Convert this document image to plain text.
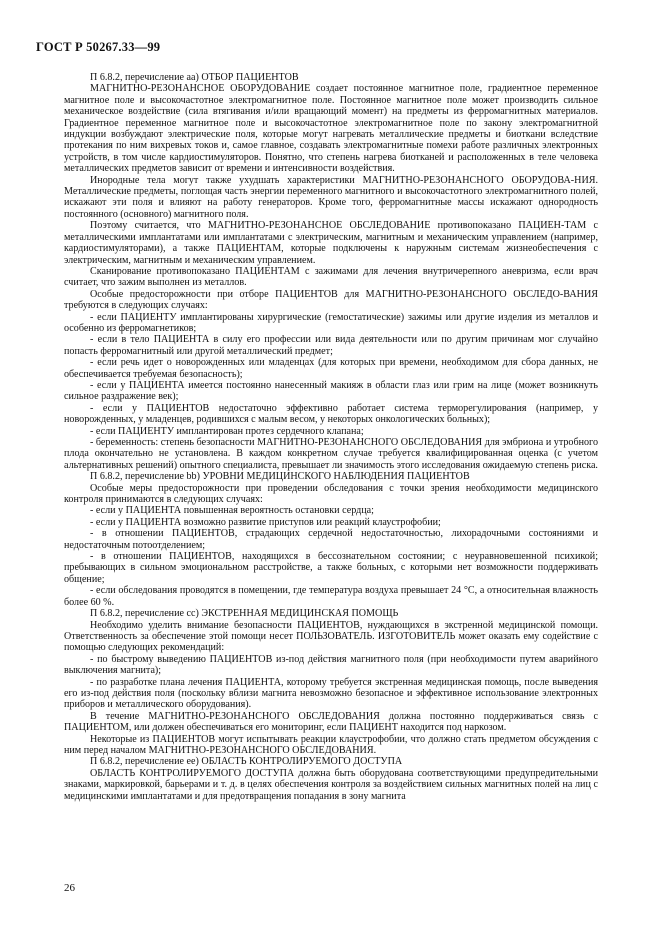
ГОСТ Р 50267.33—99

П 6.8.2, перечисление аа) ОТБОР ПАЦИЕНТОВ

МАГНИТНО-РЕЗОНАНСНОЕ ОБОРУДОВАНИЕ создает постоянное магнитное поле, градиентное переменное магнитное поле и высокочастотное электромагнитное поле. Постоянное магнитное поле может производить сильное механическое воздействие (сила втягивания и/или вращающий момент) на предметы из ферромагнитных материалов. Градиентное переменное магнитное поле и высокочастотное электромагнитное поле по закону электромагнитной индукции возбуждают электрические поля, которые могут нагревать металлические предметы и биоткани вследствие протекания по ним вихревых токов и, самое главное, создавать электромагнитные помехи работе различных электронных устройств, в том числе кардиостимуляторов. Понятно, что степень нагрева биотканей и расположенных в теле человека металлических предметов зависит от времени и интенсивности воздействия.

Инородные тела могут также ухудшать характеристики МАГНИТНО-РЕЗОНАНСНОГО ОБОРУДОВА-НИЯ. Металлические предметы, поглощая часть энергии переменного магнитного и высокочастотного электромагнитного полей, искажают эти поля и влияют на работу генераторов. Кроме того, ферромагнитные массы искажают однородность постоянного (основного) магнитного поля.

Поэтому считается, что МАГНИТНО-РЕЗОНАНСНОЕ ОБСЛЕДОВАНИЕ противопоказано ПАЦИЕН-ТАМ с металлическими имплантатами или имплантатами с электрическим, магнитным и механическим управлением (например, кардиостимуляторами), а также ПАЦИЕНТАМ, которые подключены к наружным системам жизнеобеспечения с электрическим, магнитным и механическим управлением.

Сканирование противопоказано ПАЦИЕНТАМ с зажимами для лечения внутричерепного аневризма, если врач считает, что зажим выполнен из металлов.

Особые предосторожности при отборе ПАЦИЕНТОВ для МАГНИТНО-РЕЗОНАНСНОГО ОБСЛЕДО-ВАНИЯ требуются в следующих случаях:

- если ПАЦИЕНТУ имплантированы хирургические (гемостатические) зажимы или другие изделия из металлов и особенно из ферромагнетиков;

- если в тело ПАЦИЕНТА в силу его профессии или вида деятельности или по другим причинам мог случайно попасть ферромагнитный или другой металлический предмет;

- если речь идет о новорожденных или младенцах (для которых при времени, необходимом для сбора данных, не обеспечивается требуемая безопасность);

- если у ПАЦИЕНТА имеется постоянно нанесенный макияж в области глаз или грим на лице (может возникнуть сильное раздражение век);

- если у ПАЦИЕНТОВ недостаточно эффективно работает система терморегулирования (например, у новорожденных, у младенцев, родившихся с малым весом, у некоторых онкологических больных);

- если ПАЦИЕНТУ имплантирован протез сердечного клапана;

- беременность: степень безопасности МАГНИТНО-РЕЗОНАНСНОГО ОБСЛЕДОВАНИЯ для эмбриона и утробного плода окончательно не установлена. В каждом конкретном случае требуется квалифицированная оценка (с учетом альтернативных решений) опытного специалиста, превышает ли значимость этого исследования ожидаемую степень риска.

П 6.8.2, перечисление bb) УРОВНИ МЕДИЦИНСКОГО НАБЛЮДЕНИЯ ПАЦИЕНТОВ

Особые меры предосторожности при проведении обследования с точки зрения необходимости медицинского контроля принимаются в следующих случаях:

- если у ПАЦИЕНТА повышенная вероятность остановки сердца;

- если у ПАЦИЕНТА возможно развитие приступов или реакций клаустрофобии;

- в отношении ПАЦИЕНТОВ, страдающих сердечной недостаточностью, лихорадочными состояниями и недостаточным потоотделением;

- в отношении ПАЦИЕНТОВ, находящихся в бессознательном состоянии; с неуравновешенной психикой; пребывающих в сильном эмоциональном расстройстве, а также больных, с которыми нет возможности поддерживать общение;

- если обследования проводятся в помещении, где температура воздуха превышает 24 °С, а относительная влажность более 60 %.

П 6.8.2, перечисление сс) ЭКСТРЕННАЯ МЕДИЦИНСКАЯ ПОМОЩЬ

Необходимо уделить внимание безопасности ПАЦИЕНТОВ, нуждающихся в экстренной медицинской помощи. Ответственность за обеспечение этой помощи несет ПОЛЬЗОВАТЕЛЬ. ИЗГОТОВИТЕЛЬ может оказать ему содействие с помощью следующих рекомендаций:

- по быстрому выведению ПАЦИЕНТОВ из-под действия магнитного поля (при необходимости путем аварийного выключения магнита);

- по разработке плана лечения ПАЦИЕНТА, которому требуется экстренная медицинская помощь, после выведения его из-под действия поля (поскольку вблизи магнита невозможно безопасное и эффективное использование электронных приборов и металлического оборудования).

В течение МАГНИТНО-РЕЗОНАНСНОГО ОБСЛЕДОВАНИЯ должна постоянно поддерживаться связь с ПАЦИЕНТОМ, или должен обеспечиваться его мониторинг, если ПАЦИЕНТ находится под наркозом.

Некоторые из ПАЦИЕНТОВ могут испытывать реакции клаустрофобии, что должно стать предметом обсуждения с ним перед началом МАГНИТНО-РЕЗОНАНСНОГО ОБСЛЕДОВАНИЯ.

П 6.8.2, перечисление ее) ОБЛАСТЬ КОНТРОЛИРУЕМОГО ДОСТУПА

ОБЛАСТЬ КОНТРОЛИРУЕМОГО ДОСТУПА должна быть оборудована соответствующими предупредительными знаками, маркировкой, барьерами и т. д. в целях обеспечения контроля за воздействием сильных магнитных полей на лиц с медицинскими имплантатами и для предотвращения попадания в зону магнита

26
